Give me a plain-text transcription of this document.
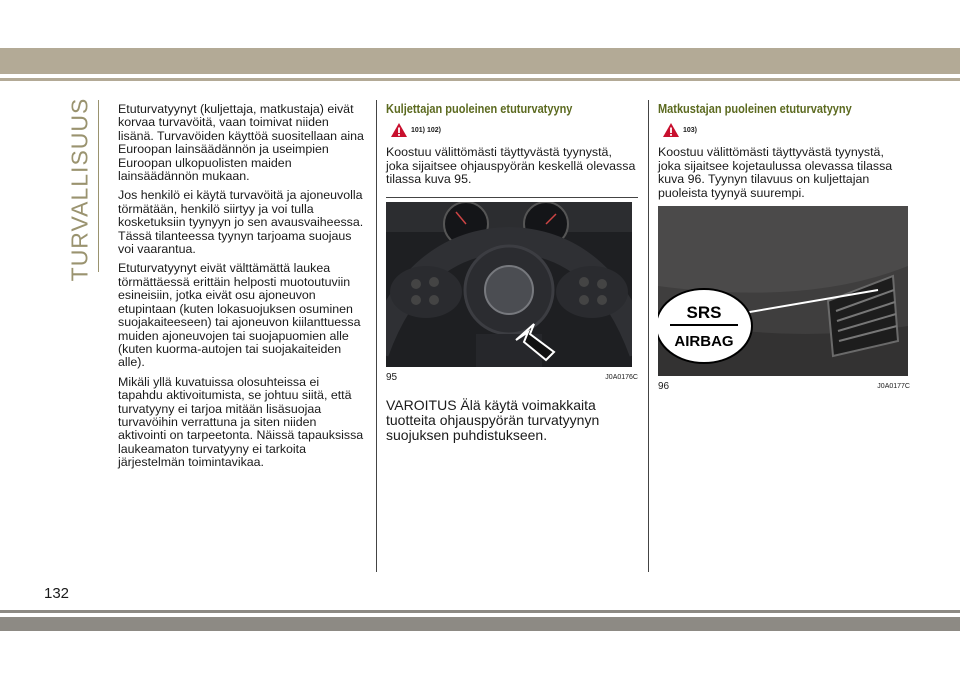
TURVALLISUUS Etuturvatyynyt (kuljettaja, matkustaja) eivät korvaa turvavöitä, vaan toimivat niiden lisänä. Turvavöiden käyttöä suositellaan aina Euroopan lainsäädännön ja useimpien Euroopan ulkopuolisten maiden lainsäädännön mukaan.

Jos henkilö ei käytä turvavöitä ja ajoneuvolla törmätään, henkilö siirtyy ja voi tulla kosketuksiin tyynyyn jo sen avausvaiheessa. Tässä tilanteessa tyynyn tarjoama suojaus voi vaarantua.

Etuturvatyynyt eivät välttämättä laukea törmättäessä erittäin helposti muotoutuviin esineisiin, jotka eivät osu ajoneuvon etupintaan (kuten lokasuojuksen osuminen suojakaiteeseen) tai ajoneuvon kiilanttuessa muiden ajoneuvojen tai suojapuomien alle (kuten kuorma-autojen tai suojakaiteiden alle).

Mikäli yllä kuvatuissa olosuhteissa ei tapahdu aktivoitumista, se johtuu siitä, että turvatyyny ei tarjoa mitään lisäsuojaa turvavöihin verrattuna ja siten niiden aktivointi on tarpeetonta. Näissä tapauksissa laukeamaton turvatyyny ei tarkoita järjestelmän toimintavikaa.

Kuljettajan puoleinen etuturvatyyny
101) 102)

Koostuu välittömästi täyttyvästä tyynystä, joka sijaitsee ohjauspyörän keskellä olevassa tilassa kuva 95.

95	J0A0176C
VAROITUS Älä käytä voimakkaita tuotteita ohjauspyörän turvatyynyn suojuksen puhdistukseen.
Matkustajan puoleinen etuturvatyyny
103)

Koostuu välittömästi täyttyvästä tyynystä, joka sijaitsee kojetaulussa olevassa tilassa kuva 96. Tyynyn tilavuus on kuljettajan puoleista tyynyä suurempi.

SRS
AIRBAG
96	J0A0177C
132
